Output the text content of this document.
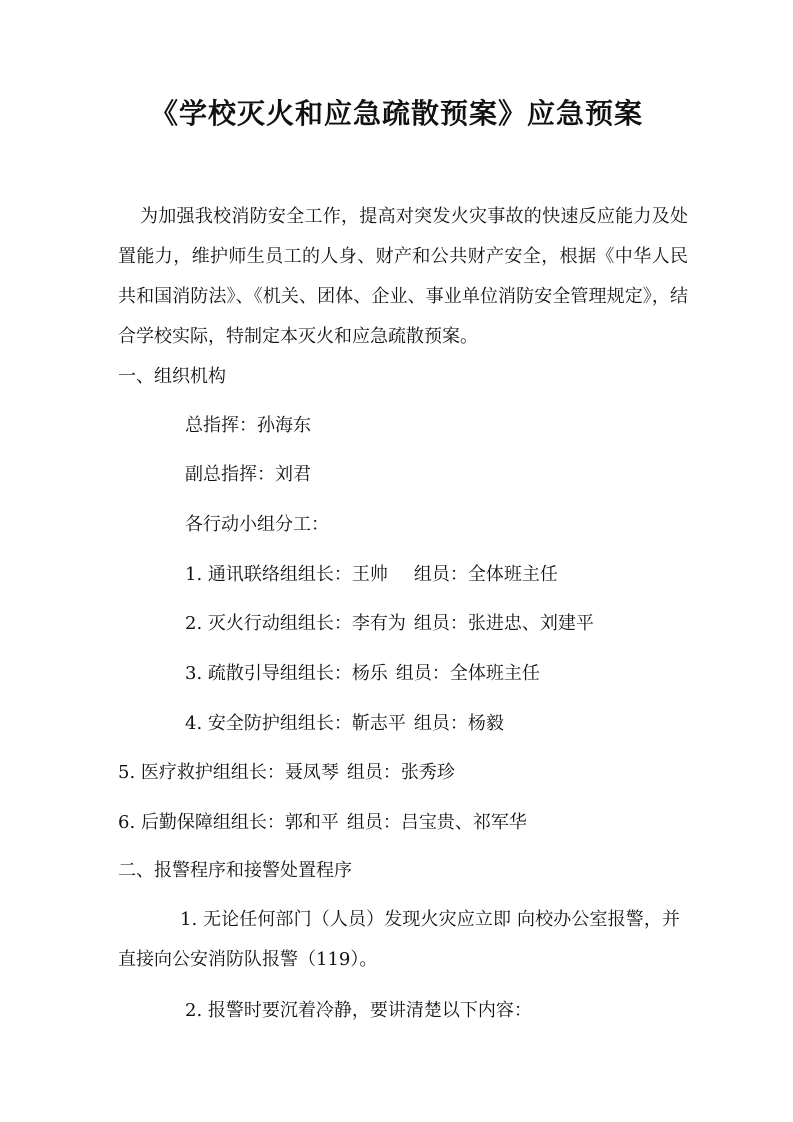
《学校灭火和应急疏散预案》应急预案
为加强我校消防安全工作，提高对突发火灾事故的快速反应能力及处置能力，维护师生员工的人身、财产和公共财产安全，根据《中华人民共和国消防法》、《机关、团体、企业、事业单位消防安全管理规定》，结合学校实际，特制定本灭火和应急疏散预案。
一、组织机构
总指挥：孙海东
副总指挥：刘君
各行动小组分工：
1. 通讯联络组组长：王帅 组员：全体班主任
2. 灭火行动组组长：李有为 组员：张进忠、刘建平
3. 疏散引导组组长：杨乐 组员：全体班主任
4. 安全防护组组长：靳志平 组员：杨毅
5. 医疗救护组组长：聂凤琴 组员：张秀珍
6. 后勤保障组组长：郭和平 组员：吕宝贵、祁军华
二、报警程序和接警处置程序
1. 无论任何部门（人员）发现火灾应立即 向校办公室报警，并直接向公安消防队报警（119）。
2. 报警时要沉着冷静，要讲清楚以下内容：
